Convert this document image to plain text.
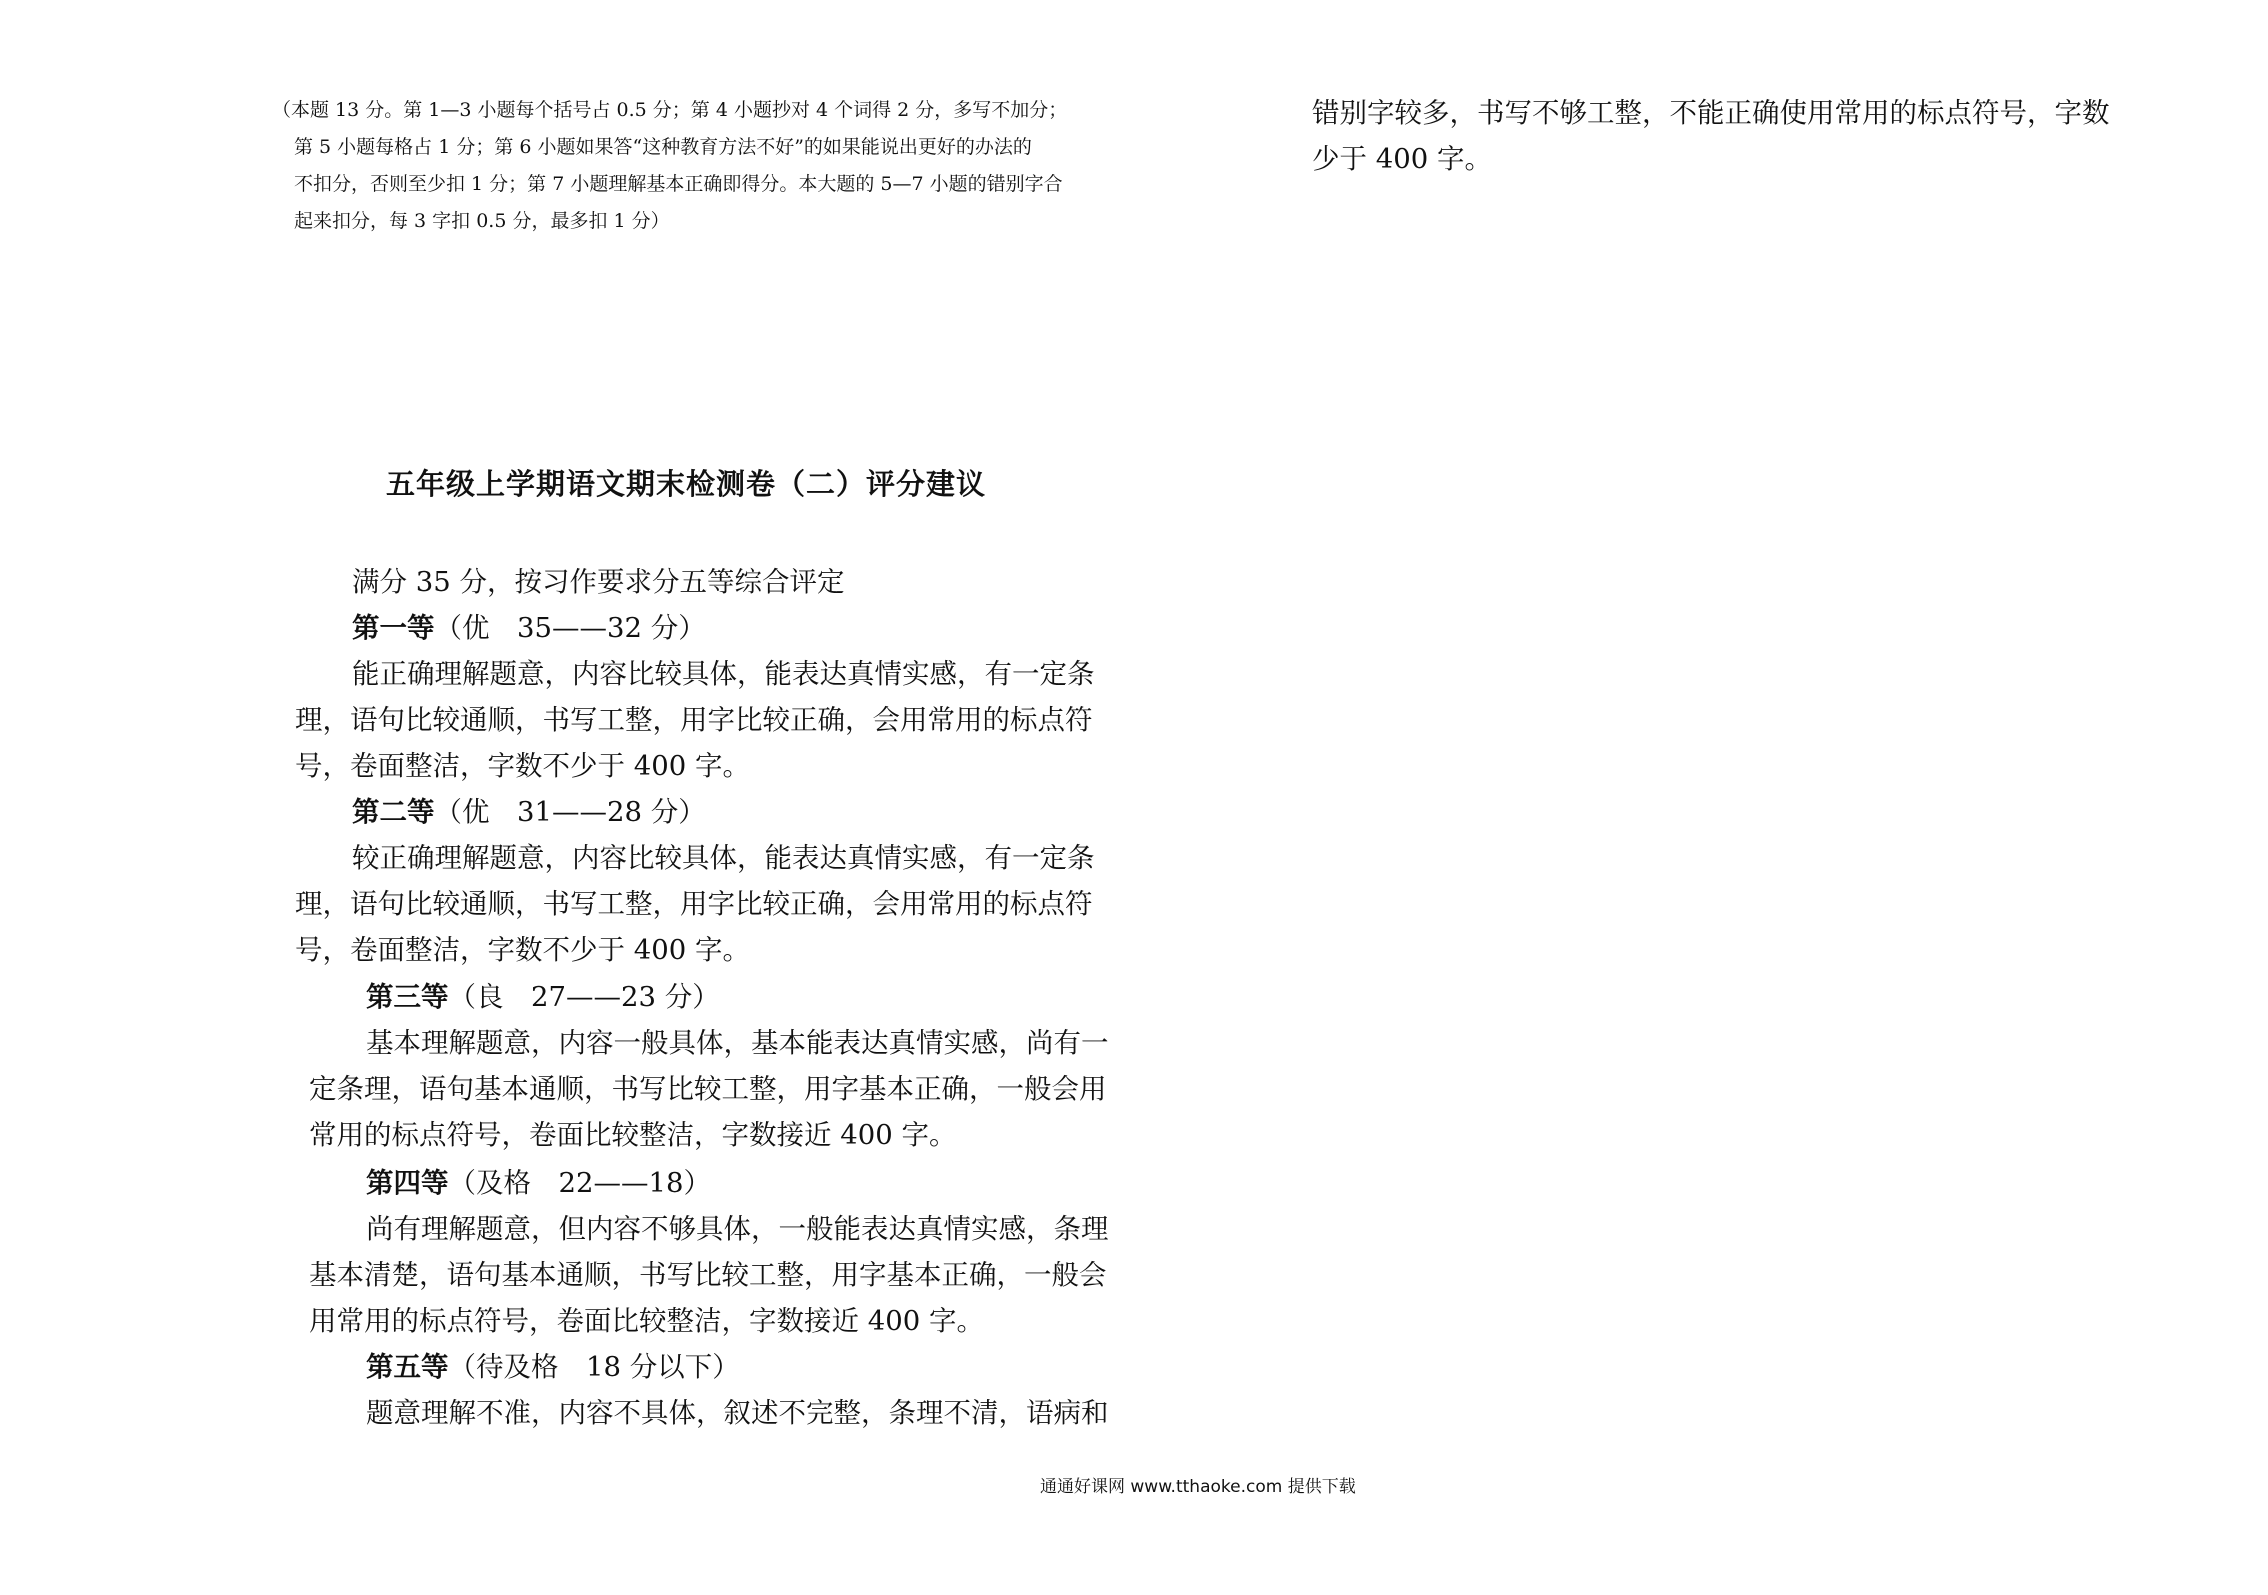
（本题 13 分。第 1—3 小题每个括号占 0.5 分；第 4 小题抄对 4 个词得 2 分，多写不加分；

第 5 小题每格占 1 分；第 6 小题如果答“这种教育方法不好”的如果能说出更好的办法的

不扣分，否则至少扣 1 分；第 7 小题理解基本正确即得分。本大题的 5—7 小题的错别字合

起来扣分，每 3 字扣 0.5 分，最多扣 1 分）

五年级上学期语文期末检测卷（二）评分建议

满分 35 分，按习作要求分五等综合评定

第一等（优　35——32 分）

能正确理解题意，内容比较具体，能表达真情实感，有一定条

理，语句比较通顺，书写工整，用字比较正确，会用常用的标点符

号，卷面整洁，字数不少于 400 字。

第二等（优　31——28 分）

较正确理解题意，内容比较具体，能表达真情实感，有一定条

理，语句比较通顺，书写工整，用字比较正确，会用常用的标点符

号，卷面整洁，字数不少于 400 字。

第三等（良　27——23 分）

基本理解题意，内容一般具体，基本能表达真情实感，尚有一

定条理，语句基本通顺，书写比较工整，用字基本正确，一般会用

常用的标点符号，卷面比较整洁，字数接近 400 字。

第四等（及格　22——18）

尚有理解题意，但内容不够具体，一般能表达真情实感，条理

基本清楚，语句基本通顺，书写比较工整，用字基本正确，一般会

用常用的标点符号，卷面比较整洁，字数接近 400 字。

第五等（待及格　18 分以下）

题意理解不准，内容不具体，叙述不完整，条理不清，语病和

错别字较多，书写不够工整，不能正确使用常用的标点符号，字数

少于 400 字。

通通好课网 www.tthaoke.com 提供下载
